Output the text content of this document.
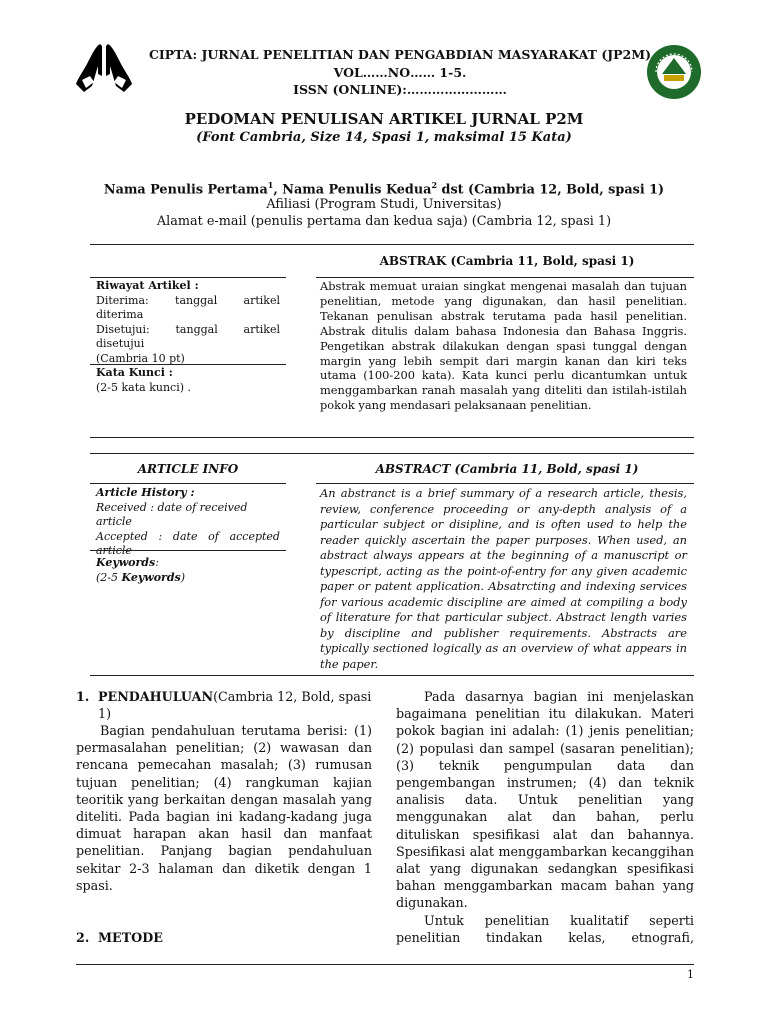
CIPTA: JURNAL PENELITIAN DAN PENGABDIAN MASYARAKAT (JP2M)
VOL……NO…… 1-5.
ISSN (ONLINE):……………………
PEDOMAN PENULISAN ARTIKEL JURNAL P2M
(Font Cambria, Size 14, Spasi 1, maksimal 15 Kata)
Nama Penulis Pertama$^1$, Nama Penulis Kedua$^2$ dst (Cambria 12, Bold, spasi 1)
Afiliasi (Program Studi, Universitas)
Alamat e-mail (penulis pertama dan kedua saja) (Cambria 12, spasi 1)
ABSTRAK (Cambria 11, Bold, spasi 1)
Riwayat Artikel :
Diterima: tanggal artikel
diterima
Disetujui: tanggal artikel
disetujui
(Cambria 10 pt)
Kata Kunci :
(2-5 kata kunci) .
Abstrak memuat uraian singkat mengenai masalah dan tujuan penelitian, metode yang digunakan, dan hasil penelitian. Tekanan penulisan abstrak terutama pada hasil penelitian. Abstrak ditulis dalam bahasa Indonesia dan Bahasa Inggris. Pengetikan abstrak dilakukan dengan spasi tunggal dengan margin yang lebih sempit dari margin kanan dan kiri teks utama (100-200 kata). Kata kunci perlu dicantumkan untuk menggambarkan ranah masalah yang diteliti dan istilah-istilah pokok yang mendasari pelaksanaan penelitian.
ARTICLE INFO	ABSTRACT (Cambria 11, Bold, spasi 1)
Article History :
Received : date of received article
Accepted : date of accepted
article
Keywords:
(2-5 Keywords)
An abstranct is a brief summary of a research article, thesis, review, conference proceeding or any-depth analysis of a particular subject or disipline, and is often used to help the reader quickly ascertain the paper purposes. When used, an abstract always appears at the beginning of a manuscript or typescript, acting as the point-of-entry for any given academic paper or patent application. Absatrcting and indexing services for various academic discipline are aimed at compiling a body of literature for that particular subject. Abstract length varies by discipline and publisher requirements. Abstracts are typically sectioned logically as an overview of what appears in the paper.
1. PENDAHULUAN(Cambria 12, Bold, spasi
1)
Bagian pendahuluan terutama berisi: (1) permasalahan penelitian; (2) wawasan dan rencana pemecahan masalah; (3) rumusan tujuan penelitian; (4) rangkuman kajian teoritik yang berkaitan dengan masalah yang diteliti. Pada bagian ini kadang-kadang juga dimuat harapan akan hasil dan manfaat penelitian. Panjang bagian pendahuluan sekitar 2-3 halaman dan diketik dengan 1 spasi.
2. METODE
Pada dasarnya bagian ini menjelaskan bagaimana penelitian itu dilakukan. Materi pokok bagian ini adalah: (1) jenis penelitian; (2) populasi dan sampel (sasaran penelitian); (3) teknik pengumpulan data dan pengembangan instrumen; (4) dan teknik analisis data. Untuk penelitian yang menggunakan alat dan bahan, perlu dituliskan spesifikasi alat dan bahannya. Spesifikasi alat menggambarkan kecanggihan alat yang digunakan sedangkan spesifikasi bahan menggambarkan macam bahan yang digunakan.
Untuk penelitian kualitatif seperti penelitian tindakan kelas, etnografi,
1
